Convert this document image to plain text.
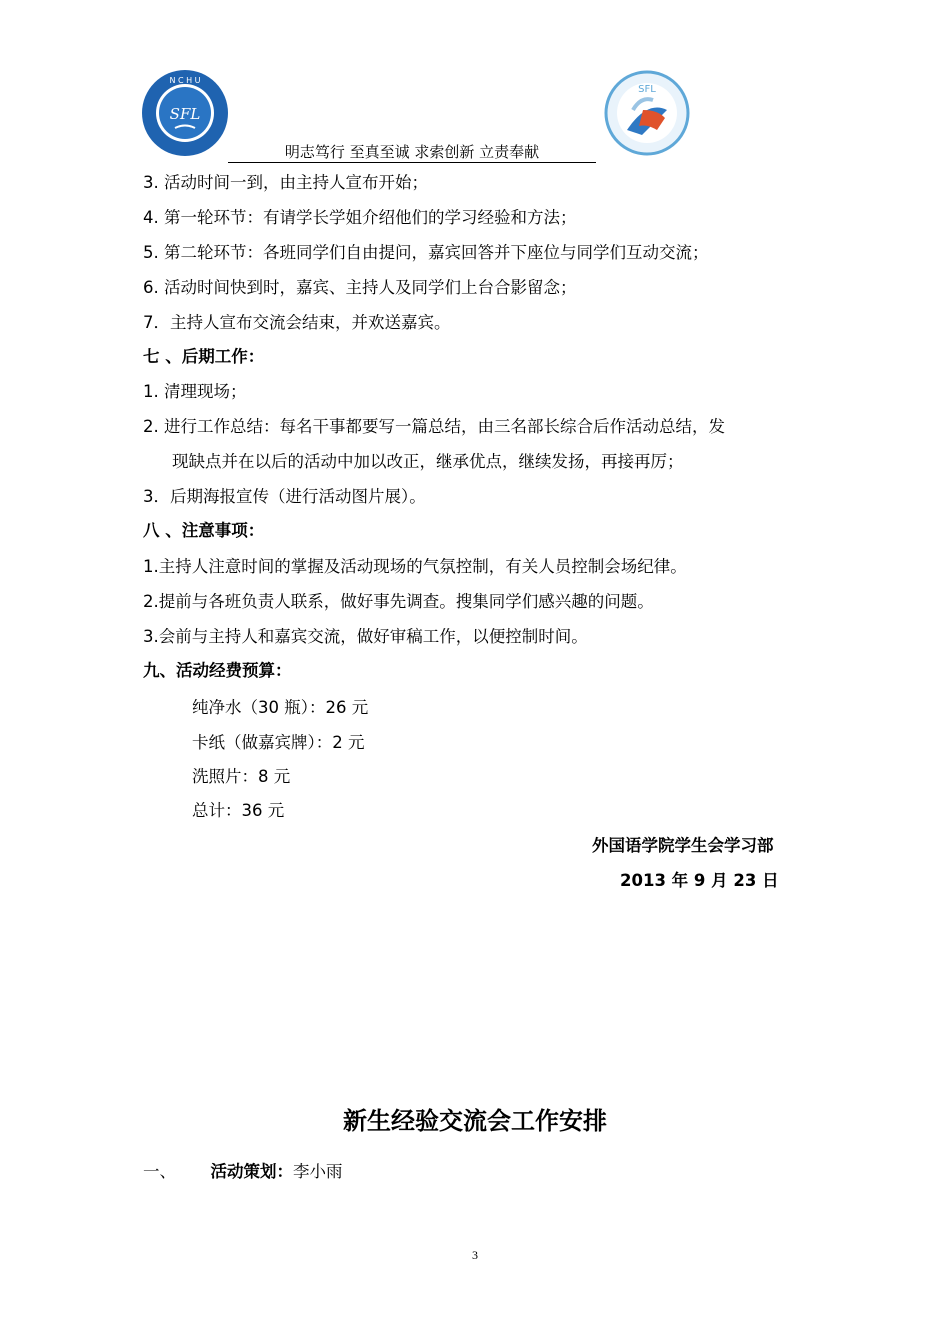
N C H U
SFL
SFL
明志笃行 至真至诚 求索创新 立责奉献
3. 活动时间一到，由主持人宣布开始；
4. 第一轮环节：有请学长学姐介绍他们的学习经验和方法；
5. 第二轮环节：各班同学们自由提问，嘉宾回答并下座位与同学们互动交流；
6. 活动时间快到时，嘉宾、主持人及同学们上台合影留念；
7．主持人宣布交流会结束，并欢送嘉宾。
七 、后期工作：
1. 清理现场；
2. 进行工作总结：每名干事都要写一篇总结，由三名部长综合后作活动总结，发
现缺点并在以后的活动中加以改正，继承优点，继续发扬，再接再厉；
3．后期海报宣传（进行活动图片展）。
八 、注意事项：
1.主持人注意时间的掌握及活动现场的气氛控制，有关人员控制会场纪律。
2.提前与各班负责人联系，做好事先调查。搜集同学们感兴趣的问题。
3.会前与主持人和嘉宾交流，做好审稿工作，以便控制时间。
九、活动经费预算：
纯净水（30 瓶）：26 元
卡纸（做嘉宾牌）：2 元
洗照片：8 元
总计：36 元
外国语学院学生会学习部
2013 年 9 月 23 日
新生经验交流会工作安排
一、 活动策划：李小雨
3
